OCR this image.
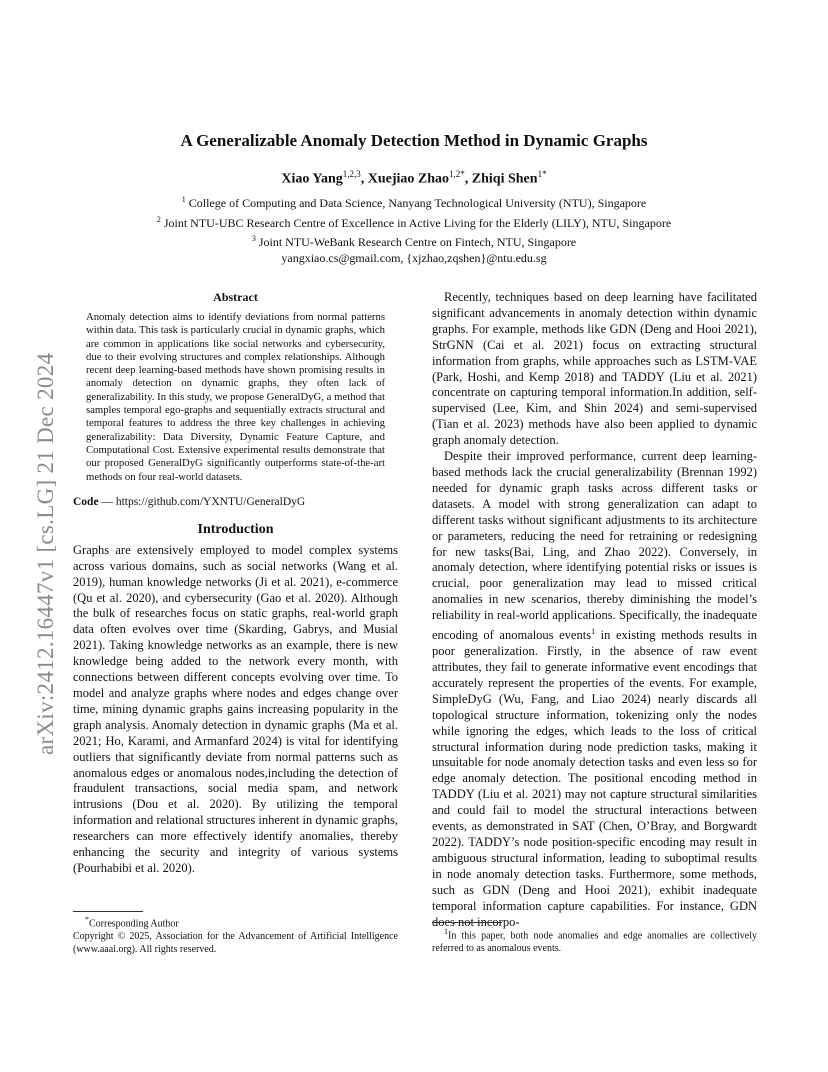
arXiv:2412.16447v1 [cs.LG] 21 Dec 2024
A Generalizable Anomaly Detection Method in Dynamic Graphs
Xiao Yang$^{1,2,3}$, Xuejiao Zhao$^{1,2*}$, Zhiqi Shen$^{1*}$
$^1$ College of Computing and Data Science, Nanyang Technological University (NTU), Singapore
$^2$ Joint NTU-UBC Research Centre of Excellence in Active Living for the Elderly (LILY), NTU, Singapore
$^3$ Joint NTU-WeBank Research Centre on Fintech, NTU, Singapore
yangxiao.cs@gmail.com, {xjzhao,zqshen}@ntu.edu.sg
Abstract

Anomaly detection aims to identify deviations from normal patterns within data. This task is particularly crucial in dynamic graphs, which are common in applications like social networks and cybersecurity, due to their evolving structures and complex relationships. Although recent deep learning-based methods have shown promising results in anomaly detection on dynamic graphs, they often lack of generalizability. In this study, we propose GeneralDyG, a method that samples temporal ego-graphs and sequentially extracts structural and temporal features to address the three key challenges in achieving generalizability: Data Diversity, Dynamic Feature Capture, and Computational Cost. Extensive experimental results demonstrate that our proposed GeneralDyG significantly outperforms state-of-the-art methods on four real-world datasets.

Code — https://github.com/YXNTU/GeneralDyG
Introduction

Graphs are extensively employed to model complex systems across various domains, such as social networks (Wang et al. 2019), human knowledge networks (Ji et al. 2021), e-commerce (Qu et al. 2020), and cybersecurity (Gao et al. 2020). Although the bulk of researches focus on static graphs, real-world graph data often evolves over time (Skarding, Gabrys, and Musial 2021). Taking knowledge networks as an example, there is new knowledge being added to the network every month, with connections between different concepts evolving over time. To model and analyze graphs where nodes and edges change over time, mining dynamic graphs gains increasing popularity in the graph analysis. Anomaly detection in dynamic graphs (Ma et al. 2021; Ho, Karami, and Armanfard 2024) is vital for identifying outliers that significantly deviate from normal patterns such as anomalous edges or anomalous nodes,including the detection of fraudulent transactions, social media spam, and network intrusions (Dou et al. 2020). By utilizing the temporal information and relational structures inherent in dynamic graphs, researchers can more effectively identify anomalies, thereby enhancing the security and integrity of various systems (Pourhabibi et al. 2020).

*Corresponding Author
Copyright © 2025, Association for the Advancement of Artificial Intelligence (www.aaai.org). All rights reserved.

Recently, techniques based on deep learning have facilitated significant advancements in anomaly detection within dynamic graphs. For example, methods like GDN (Deng and Hooi 2021), StrGNN (Cai et al. 2021) focus on extracting structural information from graphs, while approaches such as LSTM-VAE (Park, Hoshi, and Kemp 2018) and TADDY (Liu et al. 2021) concentrate on capturing temporal information.In addition, self-supervised (Lee, Kim, and Shin 2024) and semi-supervised (Tian et al. 2023) methods have also been applied to dynamic graph anomaly detection.

Despite their improved performance, current deep learning-based methods lack the crucial generalizability (Brennan 1992) needed for dynamic graph tasks across different tasks or datasets. A model with strong generalization can adapt to different tasks without significant adjustments to its architecture or parameters, reducing the need for retraining or redesigning for new tasks(Bai, Ling, and Zhao 2022). Conversely, in anomaly detection, where identifying potential risks or issues is crucial, poor generalization may lead to missed critical anomalies in new scenarios, thereby diminishing the model’s reliability in real-world applications. Specifically, the inadequate encoding of anomalous events$^1$ in existing methods results in poor generalization. Firstly, in the absence of raw event attributes, they fail to generate informative event encodings that accurately represent the properties of the events. For example, SimpleDyG (Wu, Fang, and Liao 2024) nearly discards all topological structure information, tokenizing only the nodes while ignoring the edges, which leads to the loss of critical structural information during node prediction tasks, making it unsuitable for node anomaly detection tasks and even less so for edge anomaly detection. The positional encoding method in TADDY (Liu et al. 2021) may not capture structural similarities and could fail to model the structural interactions between events, as demonstrated in SAT (Chen, O’Bray, and Borgwardt 2022). TADDY’s node position-specific encoding may result in ambiguous structural information, leading to suboptimal results in node anomaly detection tasks. Furthermore, some methods, such as GDN (Deng and Hooi 2021), exhibit inadequate temporal information capture capabilities. For instance, GDN does not incorpo-

$^1$In this paper, both node anomalies and edge anomalies are collectively referred to as anomalous events.
